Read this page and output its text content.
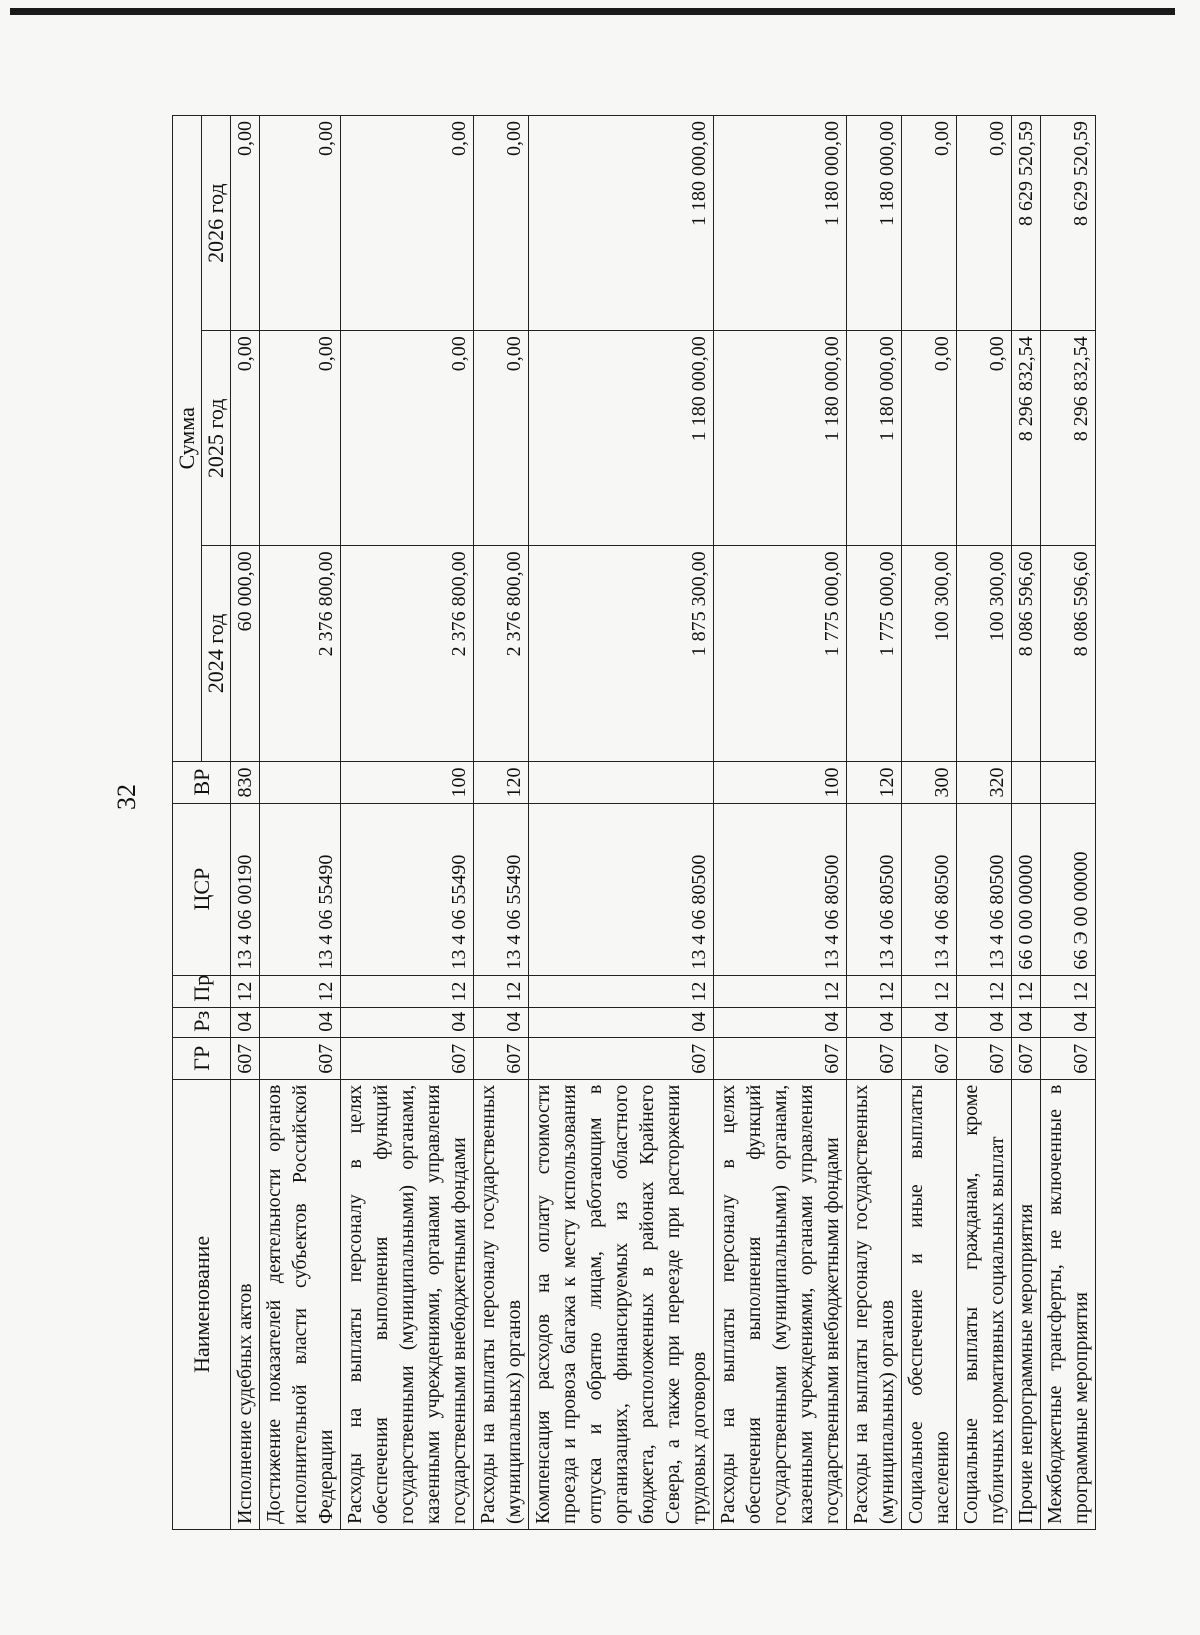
32
Наименование	ГР	Рз	Пр	ЦСР	ВР	Сумма		
						2024 год	2025 год	2026 год
Исполнение судебных актов	607	04	12	13 4 06 00190	830	60 000,00	0,00	0,00
Достижение показателей деятельности органов исполнительной власти субъектов Российской Федерации	607	04	12	13 4 06 55490		2 376 800,00	0,00	0,00
Расходы на выплаты персоналу в целях обеспечения выполнения функций государственными (муниципальными) органами, казенными учреждениями, органами управления государственными внебюджетными фондами	607	04	12	13 4 06 55490	100	2 376 800,00	0,00	0,00
Расходы на выплаты персоналу государственных (муниципальных) органов	607	04	12	13 4 06 55490	120	2 376 800,00	0,00	0,00
Компенсация расходов на оплату стоимости проезда и провоза багажа к месту использования отпуска и обратно лицам, работающим в организациях, финансируемых из областного бюджета, расположенных в районах Крайнего Севера, а также при переезде при расторжении трудовых договоров	607	04	12	13 4 06 80500		1 875 300,00	1 180 000,00	1 180 000,00
Расходы на выплаты персоналу в целях обеспечения выполнения функций государственными (муниципальными) органами, казенными учреждениями, органами управления государственными внебюджетными фондами	607	04	12	13 4 06 80500	100	1 775 000,00	1 180 000,00	1 180 000,00
Расходы на выплаты персоналу государственных (муниципальных) органов	607	04	12	13 4 06 80500	120	1 775 000,00	1 180 000,00	1 180 000,00
Социальное обеспечение и иные выплаты населению	607	04	12	13 4 06 80500	300	100 300,00	0,00	0,00
Социальные выплаты гражданам, кроме публичных нормативных социальных выплат	607	04	12	13 4 06 80500	320	100 300,00	0,00	0,00
Прочие непрограммные мероприятия	607	04	12	66 0 00 00000		8 086 596,60	8 296 832,54	8 629 520,59
Межбюджетные трансферты, не включенные в программные мероприятия	607	04	12	66 Э 00 00000		8 086 596,60	8 296 832,54	8 629 520,59
